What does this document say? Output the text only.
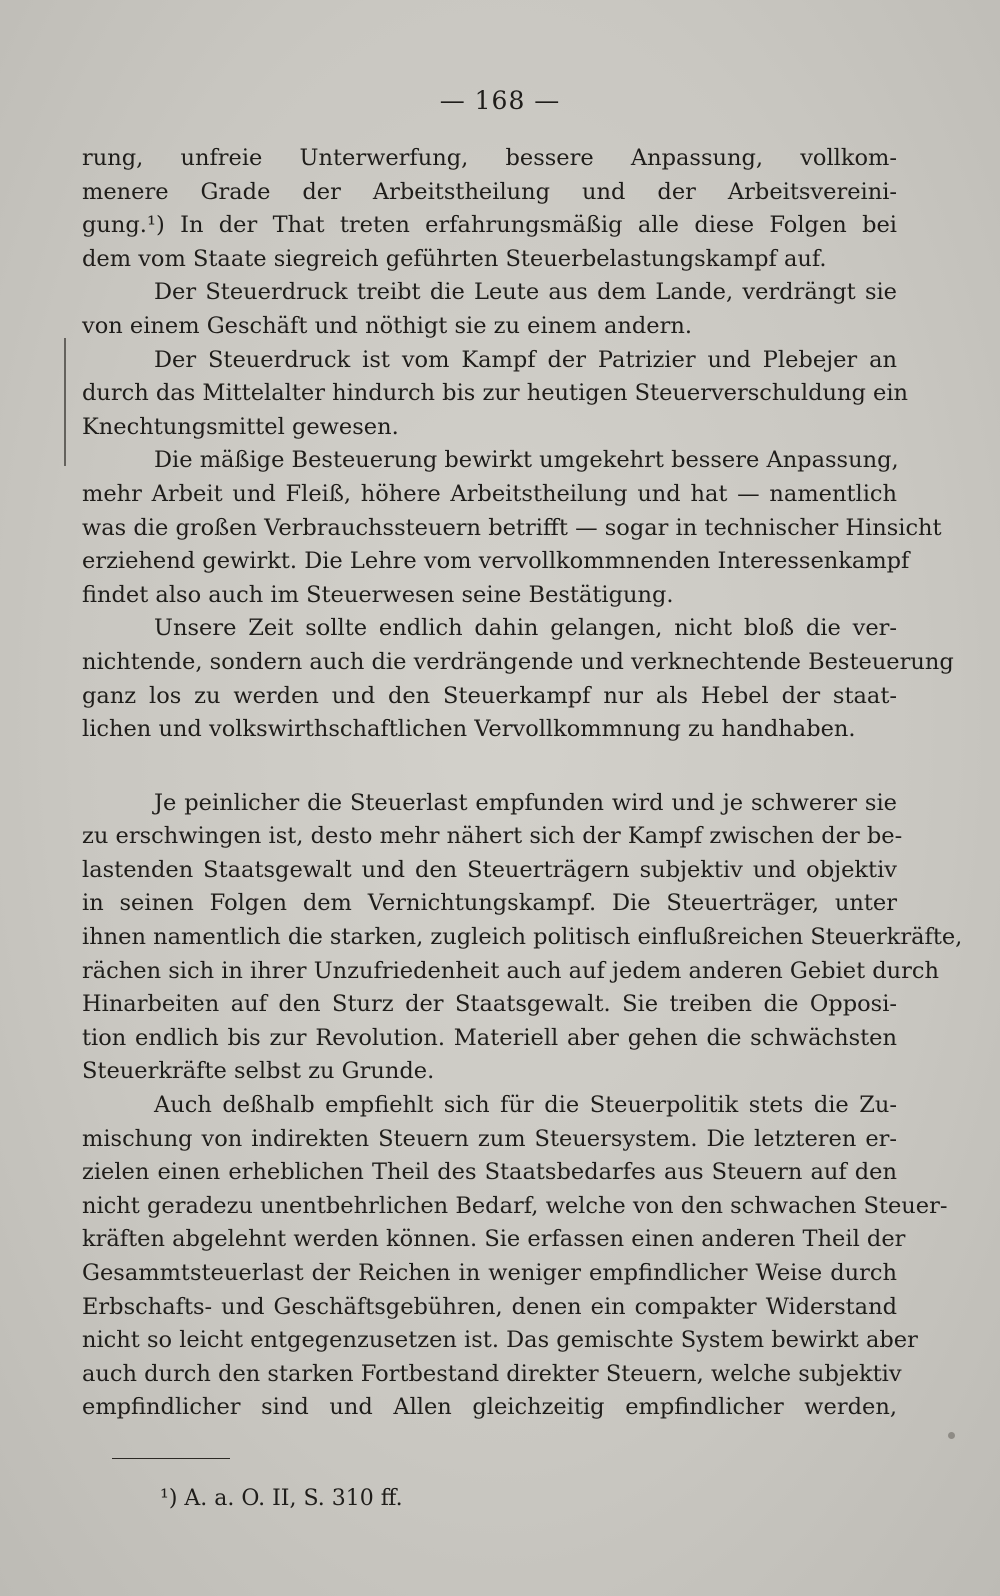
— 168 —
rung, unfreie Unterwerfung, bessere Anpassung, vollkom-
menere Grade der Arbeitstheilung und der Arbeitsvereini-
gung.¹) In der That treten erfahrungsmäßig alle diese Folgen bei
dem vom Staate siegreich geführten Steuerbelastungskampf auf.
Der Steuerdruck treibt die Leute aus dem Lande, verdrängt sie
von einem Geschäft und nöthigt sie zu einem andern.
Der Steuerdruck ist vom Kampf der Patrizier und Plebejer an
durch das Mittelalter hindurch bis zur heutigen Steuerverschuldung ein
Knechtungsmittel gewesen.
Die mäßige Besteuerung bewirkt umgekehrt bessere Anpassung,
mehr Arbeit und Fleiß, höhere Arbeitstheilung und hat — namentlich
was die großen Verbrauchssteuern betrifft — sogar in technischer Hinsicht
erziehend gewirkt. Die Lehre vom vervollkommnenden Interessenkampf
findet also auch im Steuerwesen seine Bestätigung.
Unsere Zeit sollte endlich dahin gelangen, nicht bloß die ver-
nichtende, sondern auch die verdrängende und verknechtende Besteuerung
ganz los zu werden und den Steuerkampf nur als Hebel der staat-
lichen und volkswirthschaftlichen Vervollkommnung zu handhaben.
Je peinlicher die Steuerlast empfunden wird und je schwerer sie
zu erschwingen ist, desto mehr nähert sich der Kampf zwischen der be-
lastenden Staatsgewalt und den Steuerträgern subjektiv und objektiv
in seinen Folgen dem Vernichtungskampf. Die Steuerträger, unter
ihnen namentlich die starken, zugleich politisch einflußreichen Steuerkräfte,
rächen sich in ihrer Unzufriedenheit auch auf jedem anderen Gebiet durch
Hinarbeiten auf den Sturz der Staatsgewalt. Sie treiben die Opposi-
tion endlich bis zur Revolution. Materiell aber gehen die schwächsten
Steuerkräfte selbst zu Grunde.
Auch deßhalb empfiehlt sich für die Steuerpolitik stets die Zu-
mischung von indirekten Steuern zum Steuersystem. Die letzteren er-
zielen einen erheblichen Theil des Staatsbedarfes aus Steuern auf den
nicht geradezu unentbehrlichen Bedarf, welche von den schwachen Steuer-
kräften abgelehnt werden können. Sie erfassen einen anderen Theil der
Gesammtsteuerlast der Reichen in weniger empfindlicher Weise durch
Erbschafts- und Geschäftsgebühren, denen ein compakter Widerstand
nicht so leicht entgegenzusetzen ist. Das gemischte System bewirkt aber
auch durch den starken Fortbestand direkter Steuern, welche subjektiv
empfindlicher sind und Allen gleichzeitig empfindlicher werden,
¹) A. a. O. II, S. 310 ff.
